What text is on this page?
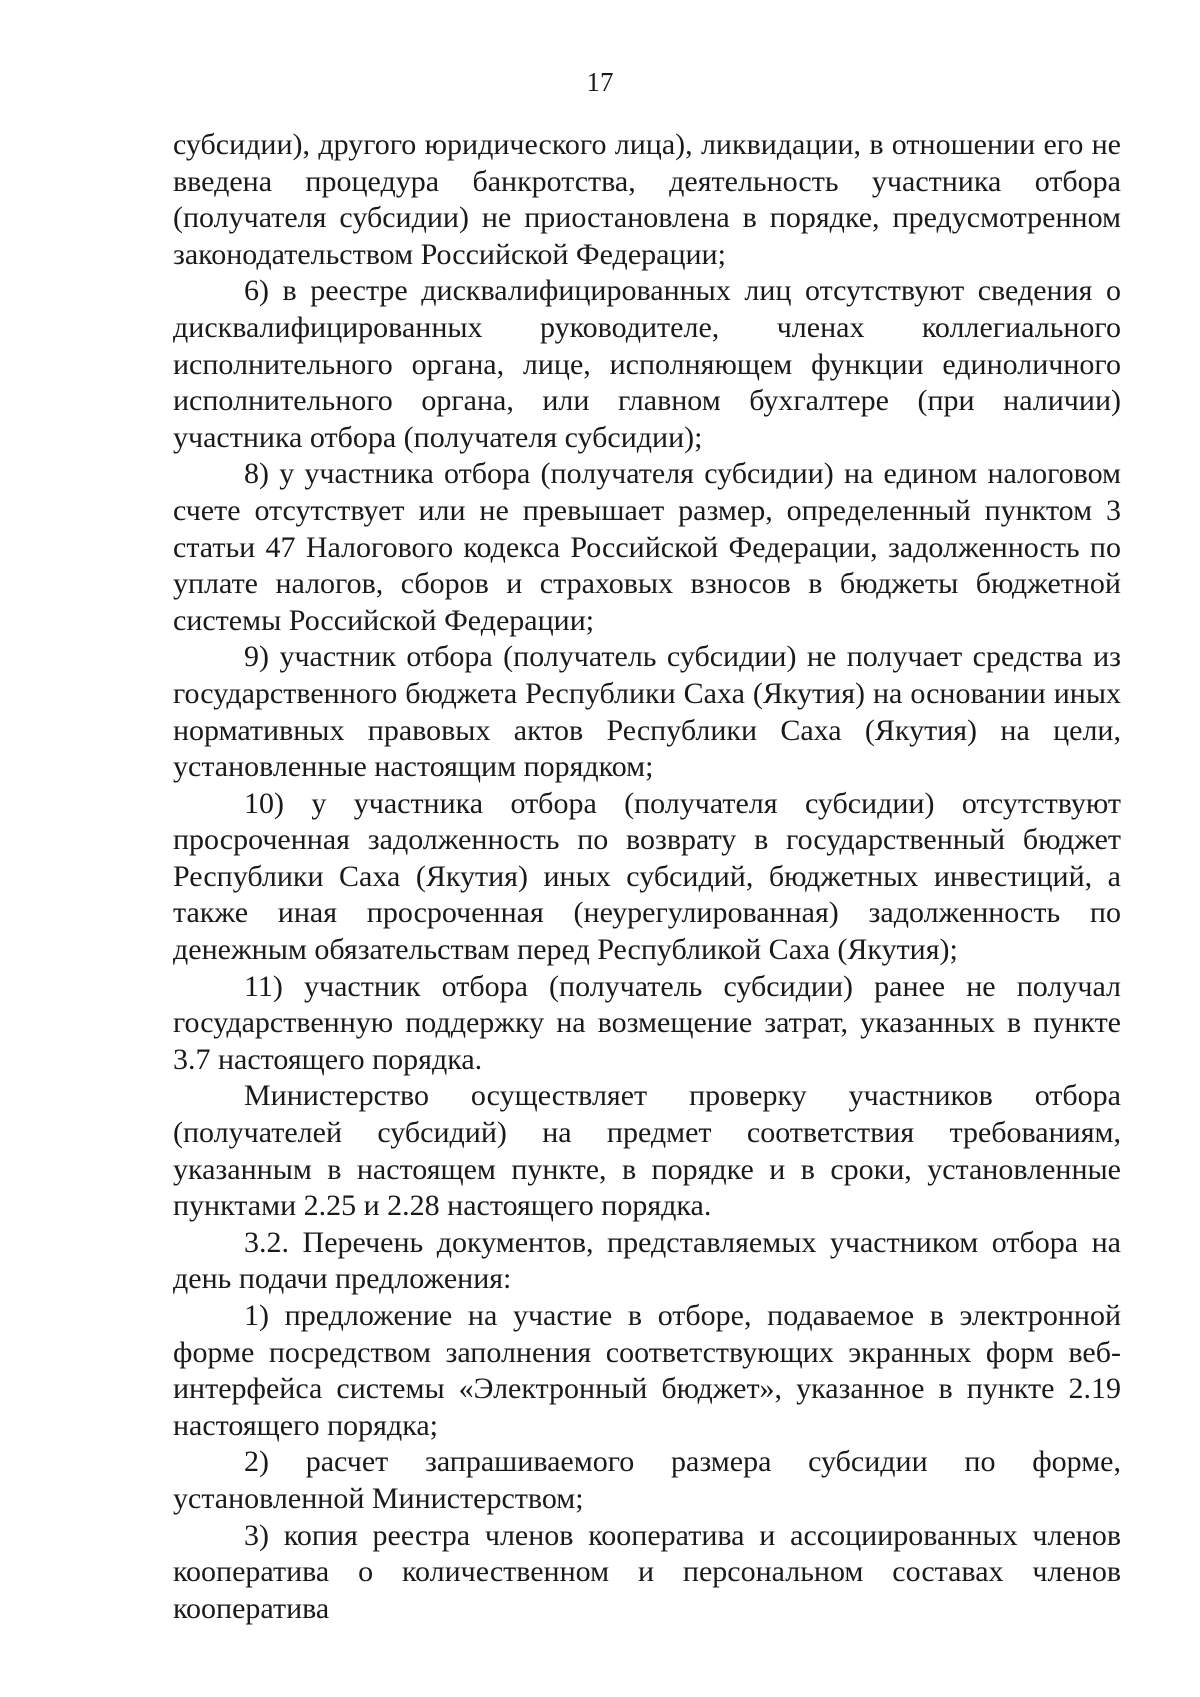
17

субсидии), другого юридического лица), ликвидации, в отношении его не введена процедура банкротства, деятельность участника отбора (получателя субсидии) не приостановлена в порядке, предусмотренном законодательством Российской Федерации;

6) в реестре дисквалифицированных лиц отсутствуют сведения о дисквалифицированных руководителе, членах коллегиального исполнительного органа, лице, исполняющем функции единоличного исполнительного органа, или главном бухгалтере (при наличии) участника отбора (получателя субсидии);

8) у участника отбора (получателя субсидии) на едином налоговом счете отсутствует или не превышает размер, определенный пунктом 3 статьи 47 Налогового кодекса Российской Федерации, задолженность по уплате налогов, сборов и страховых взносов в бюджеты бюджетной системы Российской Федерации;

9) участник отбора (получатель субсидии) не получает средства из государственного бюджета Республики Саха (Якутия) на основании иных нормативных правовых актов Республики Саха (Якутия) на цели, установленные настоящим порядком;

10) у участника отбора (получателя субсидии) отсутствуют просроченная задолженность по возврату в государственный бюджет Республики Саха (Якутия) иных субсидий, бюджетных инвестиций, а также иная просроченная (неурегулированная) задолженность по денежным обязательствам перед Республикой Саха (Якутия);

11) участник отбора (получатель субсидии) ранее не получал государственную поддержку на возмещение затрат, указанных в пункте 3.7 настоящего порядка.

Министерство осуществляет проверку участников отбора (получателей субсидий) на предмет соответствия требованиям, указанным в настоящем пункте, в порядке и в сроки, установленные пунктами 2.25 и 2.28 настоящего порядка.

3.2. Перечень документов, представляемых участником отбора на день подачи предложения:

1) предложение на участие в отборе, подаваемое в электронной форме посредством заполнения соответствующих экранных форм веб-интерфейса системы «Электронный бюджет», указанное в пункте 2.19 настоящего порядка;

2) расчет запрашиваемого размера субсидии по форме, установленной Министерством;

3) копия реестра членов кооператива и ассоциированных членов кооператива о количественном и персональном составах членов кооператива
